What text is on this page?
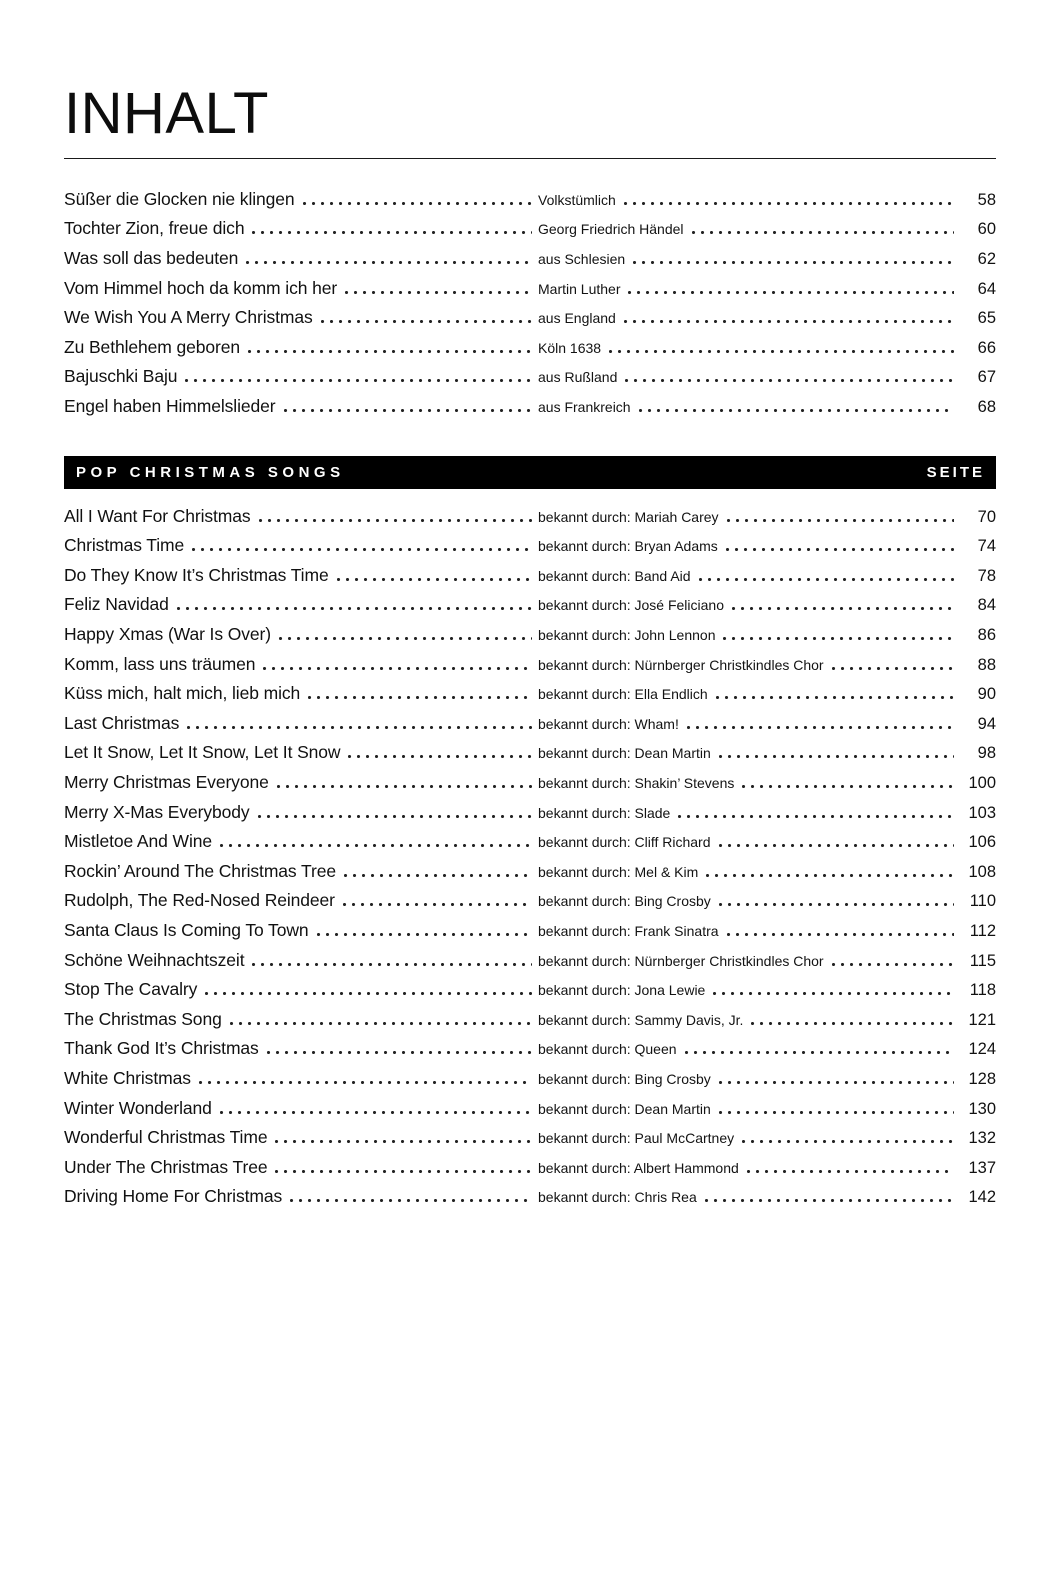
INHALT
Süßer die Glocken nie klingen	Volkstümlich	58
Tochter Zion, freue dich	Georg Friedrich Händel	60
Was soll das bedeuten	aus Schlesien	62
Vom Himmel hoch da komm ich her	Martin Luther	64
We Wish You A Merry Christmas	aus England	65
Zu Bethlehem geboren	Köln 1638	66
Bajuschki Baju	aus Rußland	67
Engel haben Himmelslieder	aus Frankreich	68
POP CHRISTMAS SONGS	SEITE
All I Want For Christmas	bekannt durch: Mariah Carey	70
Christmas Time	bekannt durch: Bryan Adams	74
Do They Know It’s Christmas Time	bekannt durch: Band Aid	78
Feliz Navidad	bekannt durch: José Feliciano	84
Happy Xmas (War Is Over)	bekannt durch: John Lennon	86
Komm, lass uns träumen	bekannt durch: Nürnberger Christkindles Chor	88
Küss mich, halt mich, lieb mich	bekannt durch: Ella Endlich	90
Last Christmas	bekannt durch: Wham!	94
Let It Snow, Let It Snow, Let It Snow	bekannt durch: Dean Martin	98
Merry Christmas Everyone	bekannt durch: Shakin’ Stevens	100
Merry X-Mas Everybody	bekannt durch: Slade	103
Mistletoe And Wine	bekannt durch: Cliff Richard	106
Rockin’ Around The Christmas Tree	bekannt durch: Mel & Kim	108
Rudolph, The Red-Nosed Reindeer	bekannt durch: Bing Crosby	110
Santa Claus Is Coming To Town	bekannt durch: Frank Sinatra	112
Schöne Weihnachtszeit	bekannt durch: Nürnberger Christkindles Chor	115
Stop The Cavalry	bekannt durch: Jona Lewie	118
The Christmas Song	bekannt durch: Sammy Davis, Jr.	121
Thank God It’s Christmas	bekannt durch: Queen	124
White Christmas	bekannt durch: Bing Crosby	128
Winter Wonderland	bekannt durch: Dean Martin	130
Wonderful Christmas Time	bekannt durch: Paul McCartney	132
Under The Christmas Tree	bekannt durch: Albert Hammond	137
Driving Home For Christmas	bekannt durch: Chris Rea	142
